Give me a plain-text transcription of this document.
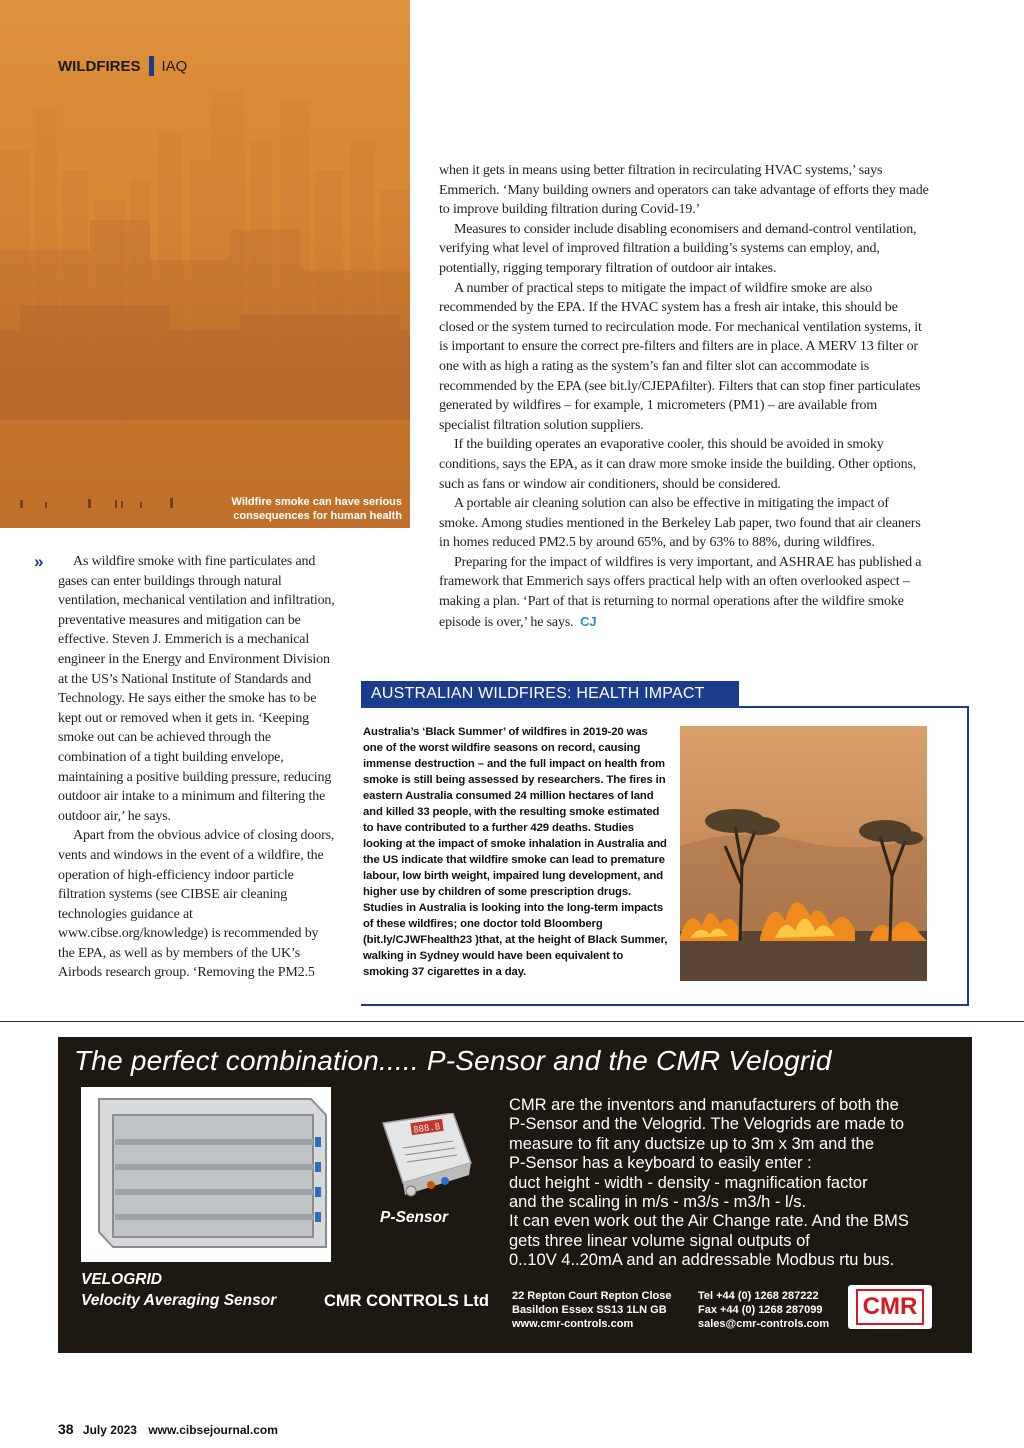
WILDFIRES IAQ
Wildfire smoke can have serious
consequences for human health
»	As wildfire smoke with fine particulates and gases can enter buildings through natural ventilation, mechanical ventilation and infiltration, preventative measures and mitigation can be effective. Steven J. Emmerich is a mechanical engineer in the Energy and Environment Division at the US’s National Institute of Standards and Technology. He says either the smoke has to be kept out or removed when it gets in. ‘Keeping smoke out can be achieved through the combination of a tight building envelope, maintaining a positive building pressure, reducing outdoor air intake to a minimum and filtering the outdoor air,’ he says.

Apart from the obvious advice of closing doors, vents and windows in the event of a wildfire, the operation of high-efficiency indoor particle filtration systems (see CIBSE air cleaning technologies guidance at www.cibse.org/knowledge) is recommended by the EPA, as well as by members of the UK’s Airbods research group. ‘Removing the PM2.5

when it gets in means using better filtration in recirculating HVAC systems,’ says Emmerich. ‘Many building owners and operators can take advantage of efforts they made to improve building filtration during Covid-19.’

Measures to consider include disabling economisers and demand-control ventilation, verifying what level of improved filtration a building’s systems can employ, and, potentially, rigging temporary filtration of outdoor air intakes.

A number of practical steps to mitigate the impact of wildfire smoke are also recommended by the EPA. If the HVAC system has a fresh air intake, this should be closed or the system turned to recirculation mode. For mechanical ventilation systems, it is important to ensure the correct pre-filters and filters are in place. A MERV 13 filter or one with as high a rating as the system’s fan and filter slot can accommodate is recommended by the EPA (see bit.ly/CJEPAfilter). Filters that can stop finer particulates generated by wildfires – for example, 1 micrometers (PM1) – are available from specialist filtration solution suppliers.

If the building operates an evaporative cooler, this should be avoided in smoky conditions, says the EPA, as it can draw more smoke inside the building. Other options, such as fans or window air conditioners, should be considered.

A portable air cleaning solution can also be effective in mitigating the impact of smoke. Among studies mentioned in the Berkeley Lab paper, two found that air cleaners in homes reduced PM2.5 by around 65%, and by 63% to 88%, during wildfires.

Preparing for the impact of wildfires is very important, and ASHRAE has published a framework that Emmerich says offers practical help with an often overlooked aspect – making a plan. ‘Part of that is returning to normal operations after the wildfire smoke episode is over,’ he says. CJ

AUSTRALIAN WILDFIRES: HEALTH IMPACT
Australia’s ‘Black Summer’ of wildfires in 2019-20 was one of the worst wildfire seasons on record, causing immense destruction – and the full impact on health from smoke is still being assessed by researchers. The fires in eastern Australia consumed 24 million hectares of land and killed 33 people, with the resulting smoke estimated to have contributed to a further 429 deaths. Studies looking at the impact of smoke inhalation in Australia and the US indicate that wildfire smoke can lead to premature labour, low birth weight, impaired lung development, and higher use by children of some prescription drugs. Studies in Australia is looking into the long-term impacts of these wildfires; one doctor told Bloomberg (bit.ly/CJWFhealth23 )that, at the height of Black Summer, walking in Sydney would have been equivalent to smoking 37 cigarettes in a day.
The perfect combination..... P-Sensor and the CMR Velogrid
888.8
P-Sensor
CMR are the inventors and manufacturers of both the
P-Sensor and the Velogrid. The Velogrids are made to
measure to fit any ductsize up to 3m x 3m and the
P-Sensor has a keyboard to easily enter :
duct height - width - density - magnification factor
and the scaling in m/s - m3/s - m3/h - l/s.
It can even work out the Air Change rate. And the BMS
gets three linear volume signal outputs of
0..10V 4..20mA and an addressable Modbus rtu bus.
VELOGRID
Velocity Averaging Sensor	CMR CONTROLS Ltd 22 Repton Court Repton Close
Basildon Essex SS13 1LN GB
www.cmr-controls.com
Tel +44 (0) 1268 287222
Fax +44 (0) 1268 287099
sales@cmr-controls.com
CMR
38 July 2023 www.cibsejournal.com
